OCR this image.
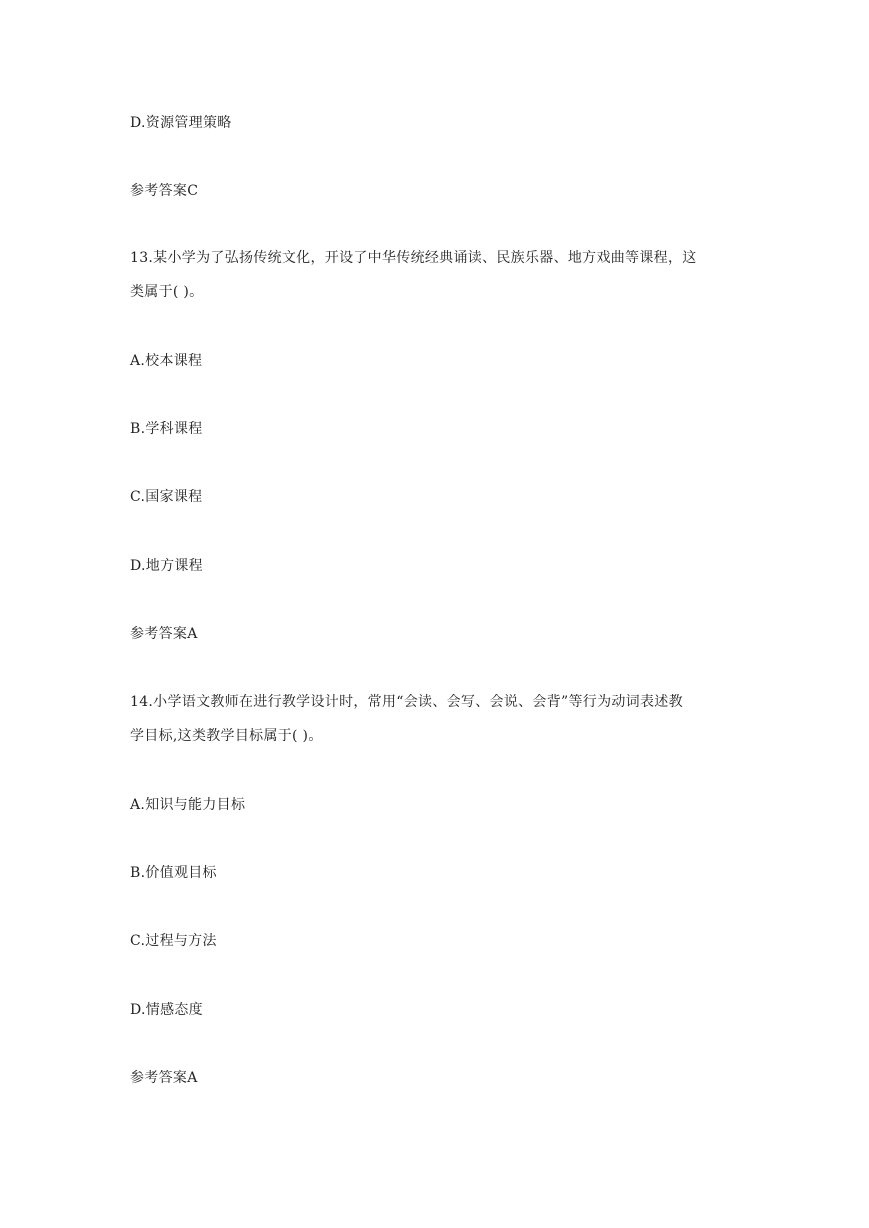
D.资源管理策略
参考答案C
13.某小学为了弘扬传统文化，开设了中华传统经典诵读、民族乐器、地方戏曲等课程，这
类属于( )。
A.校本课程
B.学科课程
C.国家课程
D.地方课程
参考答案A
14.小学语文教师在进行教学设计时，常用“会读、会写、会说、会背”等行为动词表述教
学目标,这类教学目标属于( )。
A.知识与能力目标
B.价值观目标
C.过程与方法
D.情感态度
参考答案A
